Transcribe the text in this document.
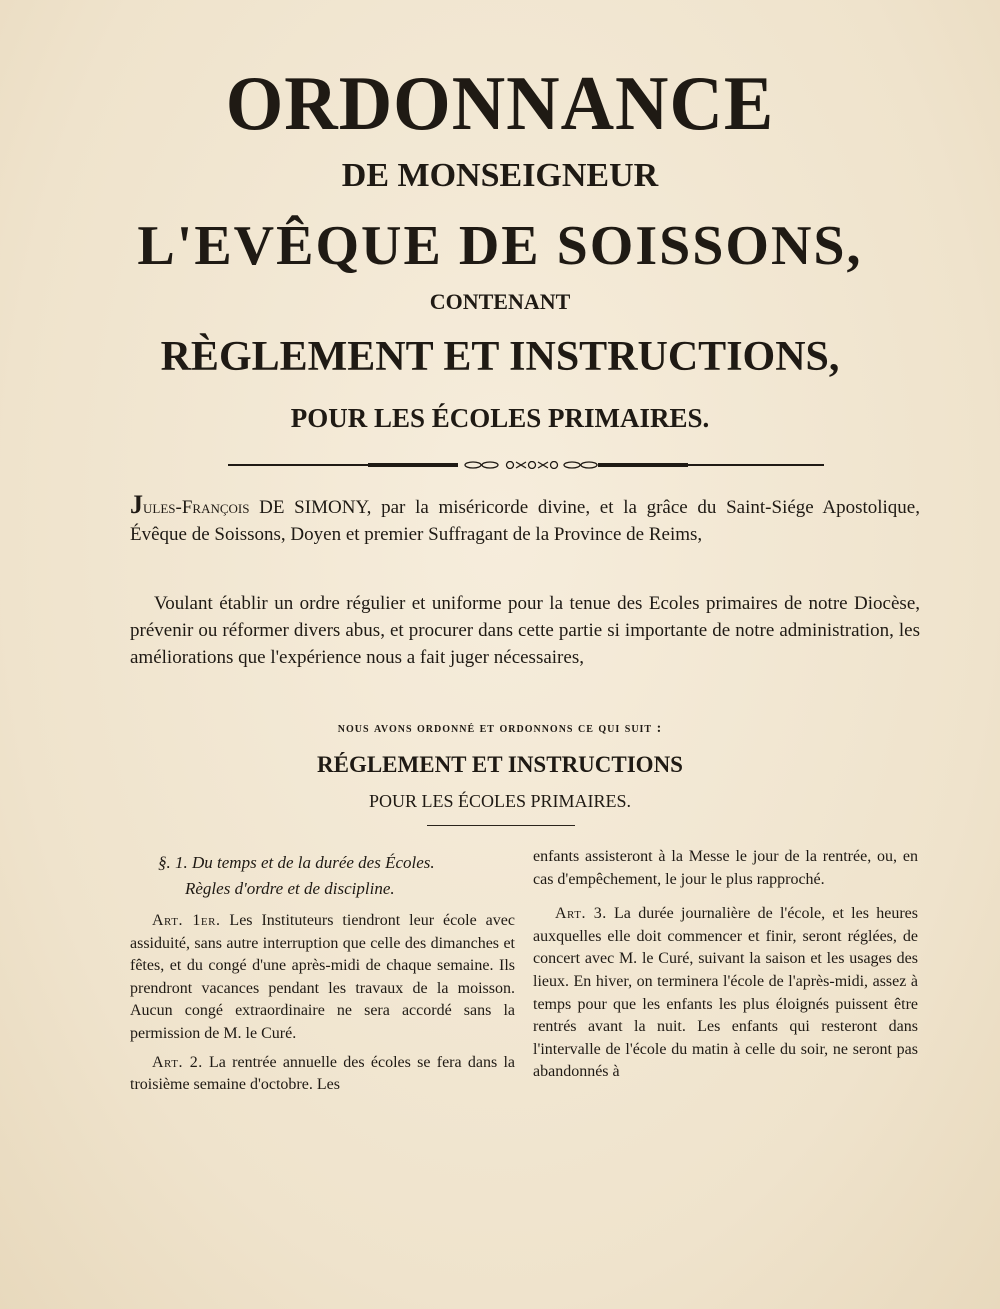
ORDONNANCE
DE MONSEIGNEUR
L'EVÊQUE DE SOISSONS,
CONTENANT
RÈGLEMENT ET INSTRUCTIONS,
POUR LES ÉCOLES PRIMAIRES.
Jules-François DE SIMONY, par la miséricorde divine, et la grâce du Saint-Siége Apostolique, Évêque de Soissons, Doyen et premier Suffragant de la Province de Reims,

Voulant établir un ordre régulier et uniforme pour la tenue des Ecoles primaires de notre Diocèse, prévenir ou réformer divers abus, et procurer dans cette partie si importante de notre administration, les améliorations que l'expérience nous a fait juger nécessaires,

nous avons ordonné et ordonnons ce qui suit :
RÉGLEMENT ET INSTRUCTIONS
POUR LES ÉCOLES PRIMAIRES.
§. 1. Du temps et de la durée des Écoles.
Règles d'ordre et de discipline.

Art. 1er. Les Instituteurs tiendront leur école avec assiduité, sans autre interruption que celle des dimanches et fêtes, et du congé d'une après-midi de chaque semaine. Ils prendront vacances pendant les travaux de la moisson. Aucun congé extraordinaire ne sera accordé sans la permission de M. le Curé.

Art. 2. La rentrée annuelle des écoles se fera dans la troisième semaine d'octobre. Les

enfants assisteront à la Messe le jour de la rentrée, ou, en cas d'empêchement, le jour le plus rapproché.

Art. 3. La durée journalière de l'école, et les heures auxquelles elle doit commencer et finir, seront réglées, de concert avec M. le Curé, suivant la saison et les usages des lieux. En hiver, on terminera l'école de l'après-midi, assez à temps pour que les enfants les plus éloignés puissent être rentrés avant la nuit. Les enfants qui resteront dans l'intervalle de l'école du matin à celle du soir, ne seront pas abandonnés à
